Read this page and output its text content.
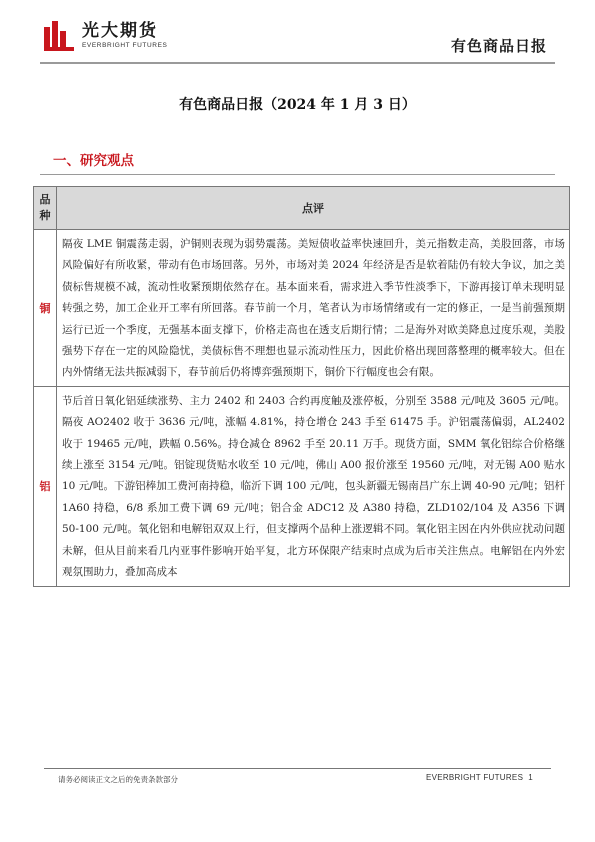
光大期货
EVERBRIGHT FUTURES	有色商品日报
有色商品日报（2024 年 1 月 3 日）
一、研究观点
品种	点评
铜	隔夜 LME 铜震荡走弱，沪铜则表现为弱势震荡。美短债收益率快速回升，美元指数走高，美股回落，市场风险偏好有所收紧，带动有色市场回落。另外，市场对美 2024 年经济是否是软着陆仍有较大争议，加之美债标售规模不减，流动性收紧预期依然存在。基本面来看，需求进入季节性淡季下，下游再接订单未现明显转强之势，加工企业开工率有所回落。春节前一个月，笔者认为市场情绪或有一定的修正，一是当前强预期运行已近一个季度，无强基本面支撑下，价格走高也在透支后期行情；二是海外对欧美降息过度乐观，美股强势下存在一定的风险隐忧，美债标售不理想也显示流动性压力，因此价格出现回落整理的概率较大。但在内外情绪无法共振减弱下，春节前后仍将博弈强预期下，铜价下行幅度也会有限。
铝	节后首日氧化铝延续涨势、主力 2402 和 2403 合约再度触及涨停板，分别至 3588 元/吨及 3605 元/吨。隔夜 AO2402 收于 3636 元/吨，涨幅 4.81%，持仓增仓 243 手至 61475 手。沪铝震荡偏弱，AL2402 收于 19465 元/吨，跌幅 0.56%。持仓减仓 8962 手至 20.11 万手。现货方面，SMM 氧化铝综合价格继续上涨至 3154 元/吨。铝锭现货贴水收至 10 元/吨，佛山 A00 报价涨至 19560 元/吨，对无锡 A00 贴水 10 元/吨。下游铝棒加工费河南持稳，临沂下调 100 元/吨，包头新疆无锡南昌广东上调 40-90 元/吨；铝杆 1A60 持稳，6/8 系加工费下调 69 元/吨；铝合金 ADC12 及 A380 持稳，ZLD102/104 及 A356 下调 50-100 元/吨。氧化铝和电解铝双双上行，但支撑两个品种上涨逻辑不同。氧化铝主因在内外供应扰动问题未解，但从目前来看几内亚事件影响开始平复，北方环保限产结束时点成为后市关注焦点。电解铝在内外宏观氛围助力，叠加高成本
请务必阅读正文之后的免责条款部分	EVERBRIGHT FUTURES 1
